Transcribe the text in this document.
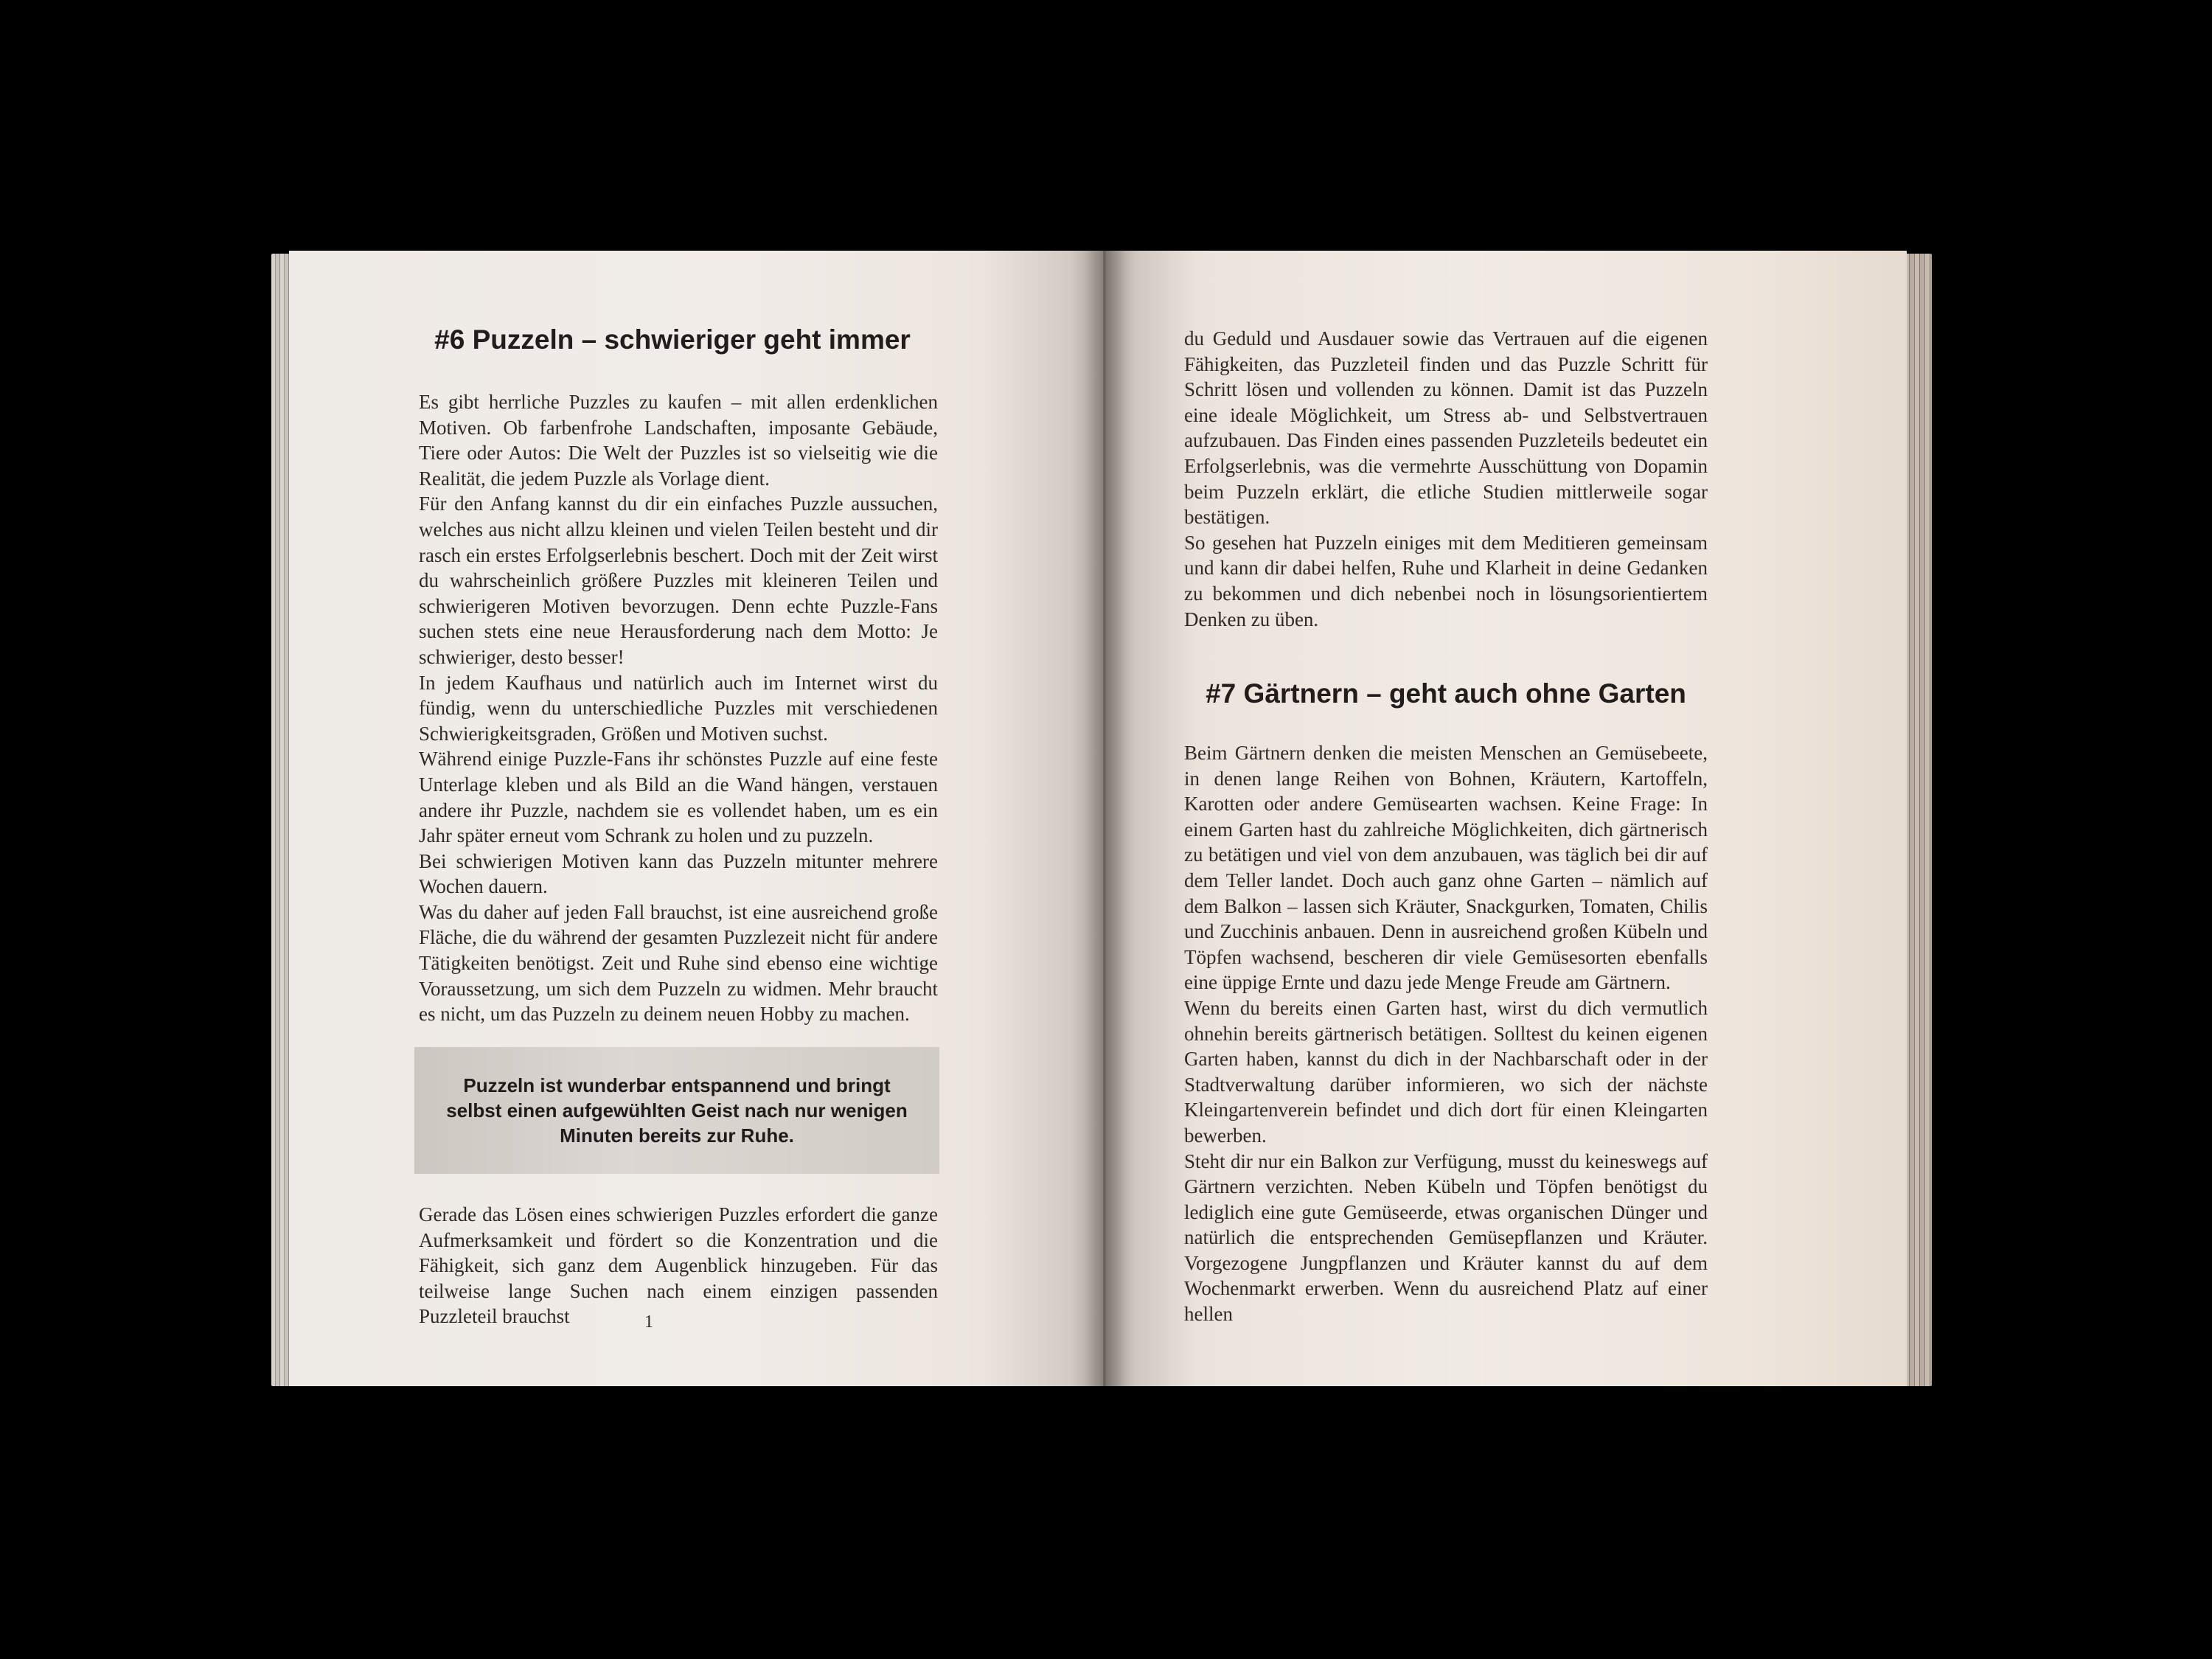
#6 Puzzeln – schwieriger geht immer

Es gibt herrliche Puzzles zu kaufen – mit allen erdenklichen Motiven. Ob farbenfrohe Landschaften, imposante Gebäude, Tiere oder Autos: Die Welt der Puzzles ist so vielseitig wie die Realität, die jedem Puzzle als Vorlage dient.

Für den Anfang kannst du dir ein einfaches Puzzle aussuchen, welches aus nicht allzu kleinen und vielen Teilen besteht und dir rasch ein erstes Erfolgserlebnis beschert. Doch mit der Zeit wirst du wahrscheinlich größere Puzzles mit kleineren Teilen und schwierigeren Motiven bevorzugen. Denn echte Puzzle-Fans suchen stets eine neue Herausforderung nach dem Motto: Je schwieriger, desto besser!

In jedem Kaufhaus und natürlich auch im Internet wirst du fündig, wenn du unterschiedliche Puzzles mit verschiedenen Schwierigkeitsgraden, Größen und Motiven suchst.

Während einige Puzzle-Fans ihr schönstes Puzzle auf eine feste Unterlage kleben und als Bild an die Wand hängen, verstauen andere ihr Puzzle, nachdem sie es vollendet haben, um es ein Jahr später erneut vom Schrank zu holen und zu puzzeln.

Bei schwierigen Motiven kann das Puzzeln mitunter mehrere Wochen dauern.

Was du daher auf jeden Fall brauchst, ist eine ausreichend große Fläche, die du während der gesamten Puzzlezeit nicht für andere Tätigkeiten benötigst. Zeit und Ruhe sind ebenso eine wichtige Voraussetzung, um sich dem Puzzeln zu widmen. Mehr braucht es nicht, um das Puzzeln zu deinem neuen Hobby zu machen.

Puzzeln ist wunderbar entspannend und bringt selbst einen aufgewühlten Geist nach nur wenigen Minuten bereits zur Ruhe.

Gerade das Lösen eines schwierigen Puzzles erfordert die ganze Aufmerksamkeit und fördert so die Konzentration und die Fähigkeit, sich ganz dem Augenblick hinzugeben. Für das teilweise lange Suchen nach einem einzigen passenden Puzzleteil brauchst	1

du Geduld und Ausdauer sowie das Vertrauen auf die eigenen Fähigkeiten, das Puzzleteil finden und das Puzzle Schritt für Schritt lösen und vollenden zu können. Damit ist das Puzzeln eine ideale Möglichkeit, um Stress ab- und Selbstvertrauen aufzubauen. Das Finden eines passenden Puzzleteils bedeutet ein Erfolgserlebnis, was die vermehrte Ausschüttung von Dopamin beim Puzzeln erklärt, die etliche Studien mittlerweile sogar bestätigen.

So gesehen hat Puzzeln einiges mit dem Meditieren gemeinsam und kann dir dabei helfen, Ruhe und Klarheit in deine Gedanken zu bekommen und dich nebenbei noch in lösungsorientiertem Denken zu üben.

#7 Gärtnern – geht auch ohne Garten

Beim Gärtnern denken die meisten Menschen an Gemüsebeete, in denen lange Reihen von Bohnen, Kräutern, Kartoffeln, Karotten oder andere Gemüsearten wachsen. Keine Frage: In einem Garten hast du zahlreiche Möglichkeiten, dich gärtnerisch zu betätigen und viel von dem anzubauen, was täglich bei dir auf dem Teller landet. Doch auch ganz ohne Garten – nämlich auf dem Balkon – lassen sich Kräuter, Snackgurken, Tomaten, Chilis und Zucchinis anbauen. Denn in ausreichend großen Kübeln und Töpfen wachsend, bescheren dir viele Gemüsesorten ebenfalls eine üppige Ernte und dazu jede Menge Freude am Gärtnern.

Wenn du bereits einen Garten hast, wirst du dich vermutlich ohnehin bereits gärtnerisch betätigen. Solltest du keinen eigenen Garten haben, kannst du dich in der Nachbarschaft oder in der Stadtverwaltung darüber informieren, wo sich der nächste Kleingartenverein befindet und dich dort für einen Kleingarten bewerben.

Steht dir nur ein Balkon zur Verfügung, musst du keineswegs auf Gärtnern verzichten. Neben Kübeln und Töpfen benötigst du lediglich eine gute Gemüseerde, etwas organischen Dünger und natürlich die entsprechenden Gemüsepflanzen und Kräuter. Vorgezogene Jungpflanzen und Kräuter kannst du auf dem Wochenmarkt erwerben. Wenn du ausreichend Platz auf einer hellen
